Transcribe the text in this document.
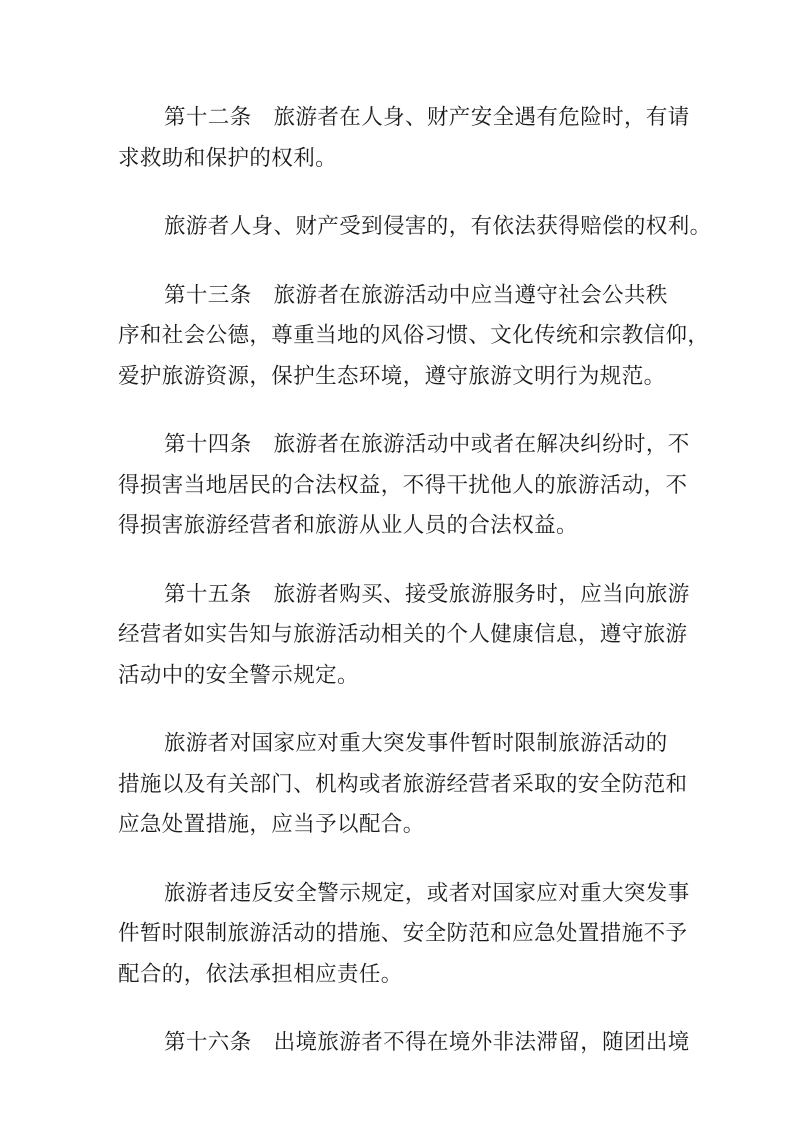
第十二条 旅游者在人身、财产安全遇有危险时，有请
求救助和保护的权利。

旅游者人身、财产受到侵害的，有依法获得赔偿的权利。

第十三条 旅游者在旅游活动中应当遵守社会公共秩
序和社会公德，尊重当地的风俗习惯、文化传统和宗教信仰，
爱护旅游资源，保护生态环境，遵守旅游文明行为规范。

第十四条 旅游者在旅游活动中或者在解决纠纷时，不
得损害当地居民的合法权益，不得干扰他人的旅游活动，不
得损害旅游经营者和旅游从业人员的合法权益。

第十五条 旅游者购买、接受旅游服务时，应当向旅游
经营者如实告知与旅游活动相关的个人健康信息，遵守旅游
活动中的安全警示规定。

旅游者对国家应对重大突发事件暂时限制旅游活动的
措施以及有关部门、机构或者旅游经营者采取的安全防范和
应急处置措施，应当予以配合。

旅游者违反安全警示规定，或者对国家应对重大突发事
件暂时限制旅游活动的措施、安全防范和应急处置措施不予
配合的，依法承担相应责任。

第十六条 出境旅游者不得在境外非法滞留，随团出境
